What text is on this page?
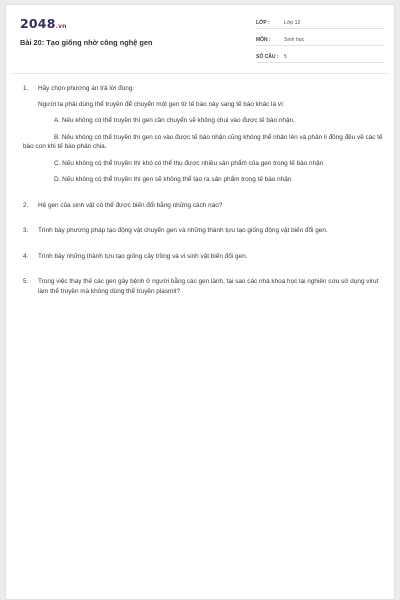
2048.vn
Bài 20: Tạo giống nhờ công nghệ gen
LỚP :	Lớp 12
MÔN :	Sinh học
SỐ CÂU :	5
1.	Hãy chọn phương án trả lời đúng.
Người ta phải dùng thể truyền để chuyển một gen từ tế bào này sang tế bào khác là vì:
A. Nếu không có thể truyền thì gen cần chuyển sẽ không chui vào được tế bào nhận.
B. Nếu không có thể truyền thì gen có vào được tế bào nhận cũng không thể nhân lên và phân li đồng đều về các tế bào con khi tế bào phân chia.
C. Nếu không có thể truyền thì khó có thể thu được nhiều sản phẩm của gen trong tế bào nhận.
D. Nếu không có thể truyền thì gen sẽ không thể tạo ra sản phẩm trong tế bào nhận.
2.	Hệ gen của sinh vật có thể được biến đổi bằng những cách nào?
3.	Trình bày phương pháp tạo động vật chuyển gen và những thành tựu tạo giống động vật biến đổi gen.
4.	Trình bày những thành tựu tạo giống cây trồng và vi sinh vật biến đổi gen.
5.	Trong việc thay thế các gen gây bệnh ở người bằng các gen lành, tại sao các nhà khoa học lại nghiên cứu sử dụng virut làm thể truyền mà không dùng thể truyền plasmit?
